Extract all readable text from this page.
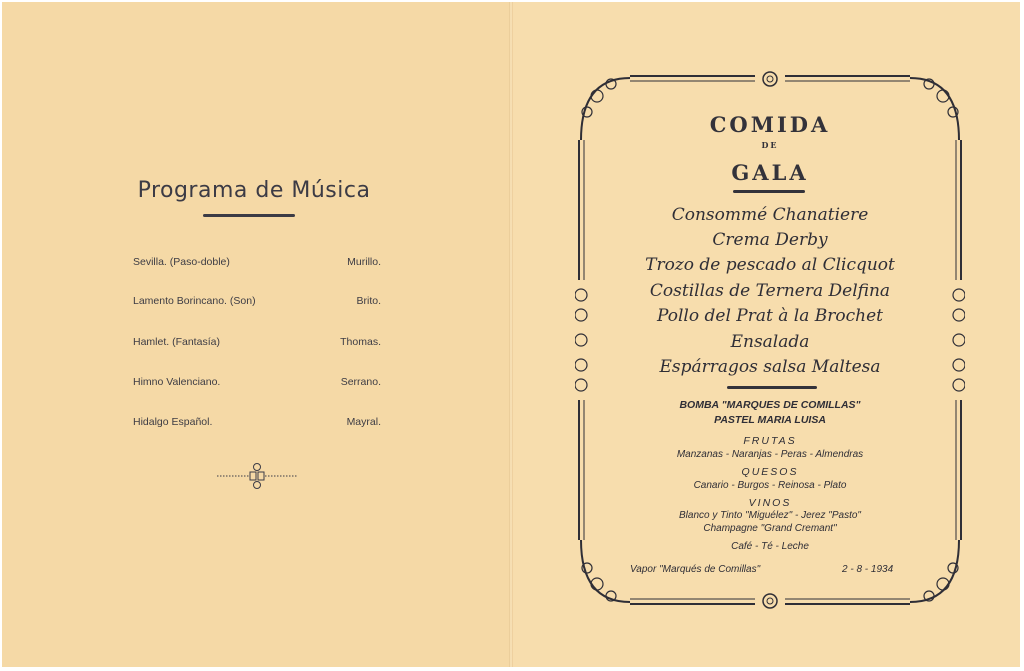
Programa de Música
Sevilla. (Paso-doble)	Murillo.
Lamento Borincano. (Son)	Brito.
Hamlet. (Fantasía)	Thomas.
Himno Valenciano.	Serrano.
Hidalgo Español.	Mayral.
COMIDA
DE
GALA
Consommé Chanatiere
Crema Derby
Trozo de pescado al Clicquot
Costillas de Ternera Delfina
Pollo del Prat à la Brochet
Ensalada
Espárragos salsa Maltesa
BOMBA "MARQUES DE COMILLAS"
PASTEL MARIA LUISA
FRUTAS
Manzanas - Naranjas - Peras - Almendras
QUESOS
Canario - Burgos - Reinosa - Plato
VINOS
Blanco y Tinto "Miguélez" - Jerez "Pasto"
Champagne "Grand Cremant"
Café - Té - Leche
Vapor "Marqués de Comillas"	2 - 8 - 1934
